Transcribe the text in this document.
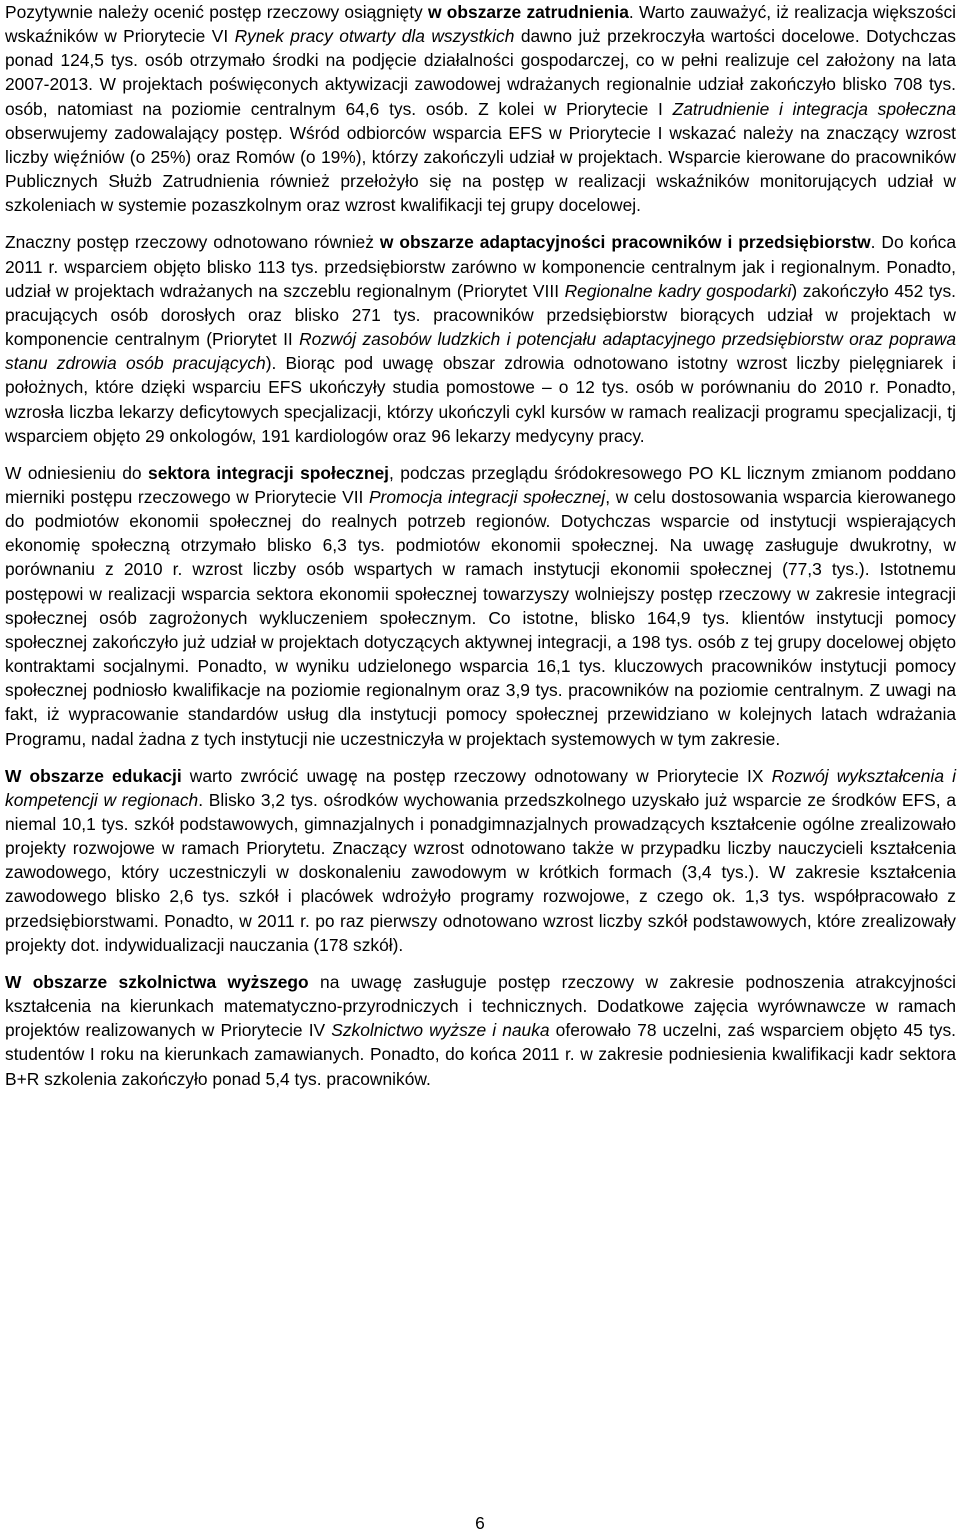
Pozytywnie należy ocenić postęp rzeczowy osiągnięty w obszarze zatrudnienia. Warto zauważyć, iż realizacja większości wskaźników w Priorytecie VI Rynek pracy otwarty dla wszystkich dawno już przekroczyła wartości docelowe. Dotychczas ponad 124,5 tys. osób otrzymało środki na podjęcie działalności gospodarczej, co w pełni realizuje cel założony na lata 2007-2013. W projektach poświęconych aktywizacji zawodowej wdrażanych regionalnie udział zakończyło blisko 708 tys. osób, natomiast na poziomie centralnym 64,6 tys. osób. Z kolei w Priorytecie I Zatrudnienie i integracja społeczna obserwujemy zadowalający postęp. Wśród odbiorców wsparcia EFS w Priorytecie I wskazać należy na znaczący wzrost liczby więźniów (o 25%) oraz Romów (o 19%), którzy zakończyli udział w projektach. Wsparcie kierowane do pracowników Publicznych Służb Zatrudnienia również przełożyło się na postęp w realizacji wskaźników monitorujących udział w szkoleniach w systemie pozaszkolnym oraz wzrost kwalifikacji tej grupy docelowej.

Znaczny postęp rzeczowy odnotowano również w obszarze adaptacyjności pracowników i przedsiębiorstw. Do końca 2011 r. wsparciem objęto blisko 113 tys. przedsiębiorstw zarówno w komponencie centralnym jak i regionalnym. Ponadto, udział w projektach wdrażanych na szczeblu regionalnym (Priorytet VIII Regionalne kadry gospodarki) zakończyło 452 tys. pracujących osób dorosłych oraz blisko 271 tys. pracowników przedsiębiorstw biorących udział w projektach w komponencie centralnym (Priorytet II Rozwój zasobów ludzkich i potencjału adaptacyjnego przedsiębiorstw oraz poprawa stanu zdrowia osób pracujących). Biorąc pod uwagę obszar zdrowia odnotowano istotny wzrost liczby pielęgniarek i położnych, które dzięki wsparciu EFS ukończyły studia pomostowe – o 12 tys. osób w porównaniu do 2010 r. Ponadto, wzrosła liczba lekarzy deficytowych specjalizacji, którzy ukończyli cykl kursów w ramach realizacji programu specjalizacji, tj wsparciem objęto 29 onkologów, 191 kardiologów oraz 96 lekarzy medycyny pracy.

W odniesieniu do sektora integracji społecznej, podczas przeglądu śródokresowego PO KL licznym zmianom poddano mierniki postępu rzeczowego w Priorytecie VII Promocja integracji społecznej, w celu dostosowania wsparcia kierowanego do podmiotów ekonomii społecznej do realnych potrzeb regionów. Dotychczas wsparcie od instytucji wspierających ekonomię społeczną otrzymało blisko 6,3 tys. podmiotów ekonomii społecznej. Na uwagę zasługuje dwukrotny, w porównaniu z 2010 r. wzrost liczby osób wspartych w ramach instytucji ekonomii społecznej (77,3 tys.). Istotnemu postępowi w realizacji wsparcia sektora ekonomii społecznej towarzyszy wolniejszy postęp rzeczowy w zakresie integracji społecznej osób zagrożonych wykluczeniem społecznym. Co istotne, blisko 164,9 tys. klientów instytucji pomocy społecznej zakończyło już udział w projektach dotyczących aktywnej integracji, a 198 tys. osób z tej grupy docelowej objęto kontraktami socjalnymi. Ponadto, w wyniku udzielonego wsparcia 16,1 tys. kluczowych pracowników instytucji pomocy społecznej podniosło kwalifikacje na poziomie regionalnym oraz 3,9 tys. pracowników na poziomie centralnym. Z uwagi na fakt, iż wypracowanie standardów usług dla instytucji pomocy społecznej przewidziano w kolejnych latach wdrażania Programu, nadal żadna z tych instytucji nie uczestniczyła w projektach systemowych w tym zakresie.

W obszarze edukacji warto zwrócić uwagę na postęp rzeczowy odnotowany w Priorytecie IX Rozwój wykształcenia i kompetencji w regionach. Blisko 3,2 tys. ośrodków wychowania przedszkolnego uzyskało już wsparcie ze środków EFS, a niemal 10,1 tys. szkół podstawowych, gimnazjalnych i ponadgimnazjalnych prowadzących kształcenie ogólne zrealizowało projekty rozwojowe w ramach Priorytetu. Znaczący wzrost odnotowano także w przypadku liczby nauczycieli kształcenia zawodowego, który uczestniczyli w doskonaleniu zawodowym w krótkich formach (3,4 tys.). W zakresie kształcenia zawodowego blisko 2,6 tys. szkół i placówek wdrożyło programy rozwojowe, z czego ok. 1,3 tys. współpracowało z przedsiębiorstwami. Ponadto, w 2011 r. po raz pierwszy odnotowano wzrost liczby szkół podstawowych, które zrealizowały projekty dot. indywidualizacji nauczania (178 szkół).

W obszarze szkolnictwa wyższego na uwagę zasługuje postęp rzeczowy w zakresie podnoszenia atrakcyjności kształcenia na kierunkach matematyczno-przyrodniczych i technicznych. Dodatkowe zajęcia wyrównawcze w ramach projektów realizowanych w Priorytecie IV Szkolnictwo wyższe i nauka oferowało 78 uczelni, zaś wsparciem objęto 45 tys. studentów I roku na kierunkach zamawianych. Ponadto, do końca 2011 r. w zakresie podniesienia kwalifikacji kadr sektora B+R szkolenia zakończyło ponad 5,4 tys. pracowników.

6
